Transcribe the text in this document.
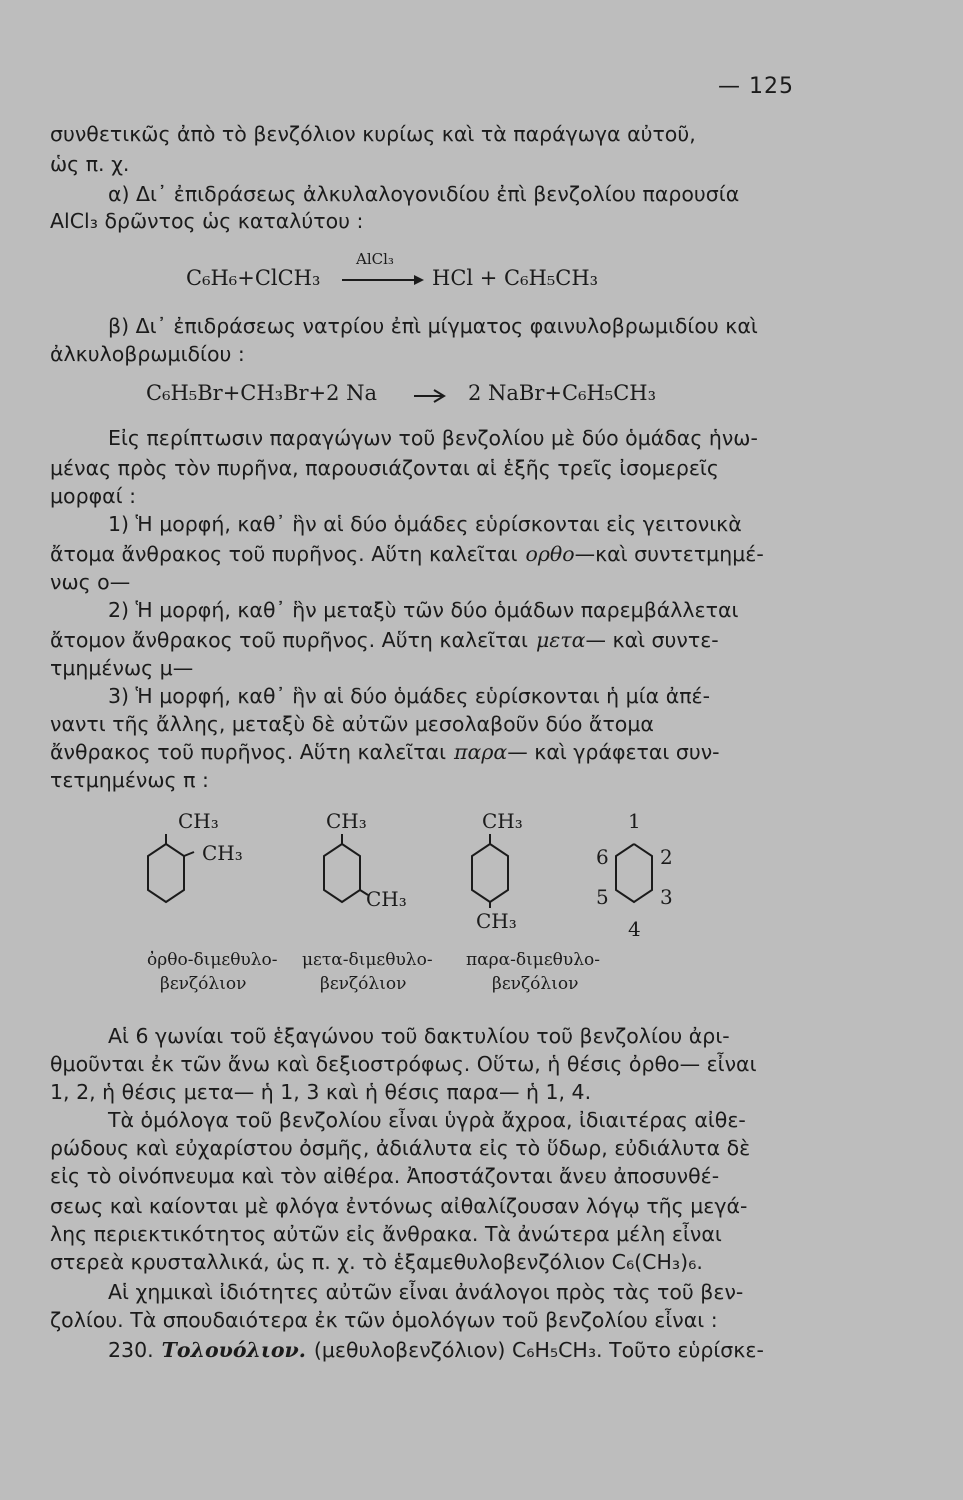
— 125
συνθετικῶς ἀπὸ τὸ βενζόλιον κυρίως καὶ τὰ παράγωγα αὐτοῦ,
ὡς π. χ.
α) Δι᾽ ἐπιδράσεως ἀλκυλαλογονιδίου ἐπὶ βενζολίου παρουσία
AlCl₃ δρῶντος ὡς καταλύτου :
C₆H₆+ClCH₃
AlCl₃
HCl + C₆H₅CH₃
β) Δι᾽ ἐπιδράσεως νατρίου ἐπὶ μίγματος φαινυλοβρωμιδίου καὶ
ἀλκυλοβρωμιδίου :
C₆H₅Br+CH₃Br+2 Na → 2 NaBr+C₆H₅CH₃
Εἰς περίπτωσιν παραγώγων τοῦ βενζολίου μὲ δύο ὁμάδας ἡνω-
μένας πρὸς τὸν πυρῆνα, παρουσιάζονται αἱ ἑξῆς τρεῖς ἰσομερεῖς
μορφαί :
1) Ἡ μορφή, καθ᾽ ἣν αἱ δύο ὁμάδες εὑρίσκονται εἰς γειτονικὰ
ἄτομα ἄνθρακος τοῦ πυρῆνος. Αὕτη καλεῖται ορθο —καὶ συντετμημέ-
νως ο—
2) Ἡ μορφή, καθ᾽ ἣν μεταξὺ τῶν δύο ὁμάδων παρεμβάλλεται
ἄτομον ἄνθρακος τοῦ πυρῆνος. Αὕτη καλεῖται μετα — καὶ συντε-
τμημένως μ—
3) Ἡ μορφή, καθ᾽ ἣν αἱ δύο ὁμάδες εὑρίσκονται ἡ μία ἀπέ-
ναντι τῆς ἄλλης, μεταξὺ δὲ αὐτῶν μεσολαβοῦν δύο ἄτομα
ἄνθρακος τοῦ πυρῆνος. Αὕτη καλεῖται παρα — καὶ γράφεται συν-
τετμημένως π :
CH₃
CH₃
CH₃
CH₃
CH₃
CH₃
1
2
3
4
5
6
ὀρθο-διμεθυλο-
βενζόλιον
μετα-διμεθυλο-
βενζόλιον
παρα-διμεθυλο-
βενζόλιον
Αἱ 6 γωνίαι τοῦ ἑξαγώνου τοῦ δακτυλίου τοῦ βενζολίου ἀρι-
θμοῦνται ἐκ τῶν ἄνω καὶ δεξιοστρόφως. Οὕτω, ἡ θέσις ὀρθο— εἶναι
1, 2, ἡ θέσις μετα— ἡ 1, 3 καὶ ἡ θέσις παρα— ἡ 1, 4.
Τὰ ὁμόλογα τοῦ βενζολίου εἶναι ὑγρὰ ἄχροα, ἰδιαιτέρας αἰθε-
ρώδους καὶ εὐχαρίστου ὀσμῆς, ἀδιάλυτα εἰς τὸ ὕδωρ, εὐδιάλυτα δὲ
εἰς τὸ οἰνόπνευμα καὶ τὸν αἰθέρα. Ἀποστάζονται ἄνευ ἀποσυνθέ-
σεως καὶ καίονται μὲ φλόγα ἐντόνως αἰθαλίζουσαν λόγῳ τῆς μεγά-
λης περιεκτικότητος αὐτῶν εἰς ἄνθρακα. Τὰ ἀνώτερα μέλη εἶναι
στερεὰ κρυσταλλικά, ὡς π. χ. τὸ ἑξαμεθυλοβενζόλιον C₆(CH₃)₆.
Αἱ χημικαὶ ἰδιότητες αὐτῶν εἶναι ἀνάλογοι πρὸς τὰς τοῦ βεν-
ζολίου. Τὰ σπουδαιότερα ἐκ τῶν ὁμολόγων τοῦ βενζολίου εἶναι :
230. Τολουόλιον. (μεθυλοβενζόλιον) C₆H₅CH₃. Τοῦτο εὑρίσκε-
